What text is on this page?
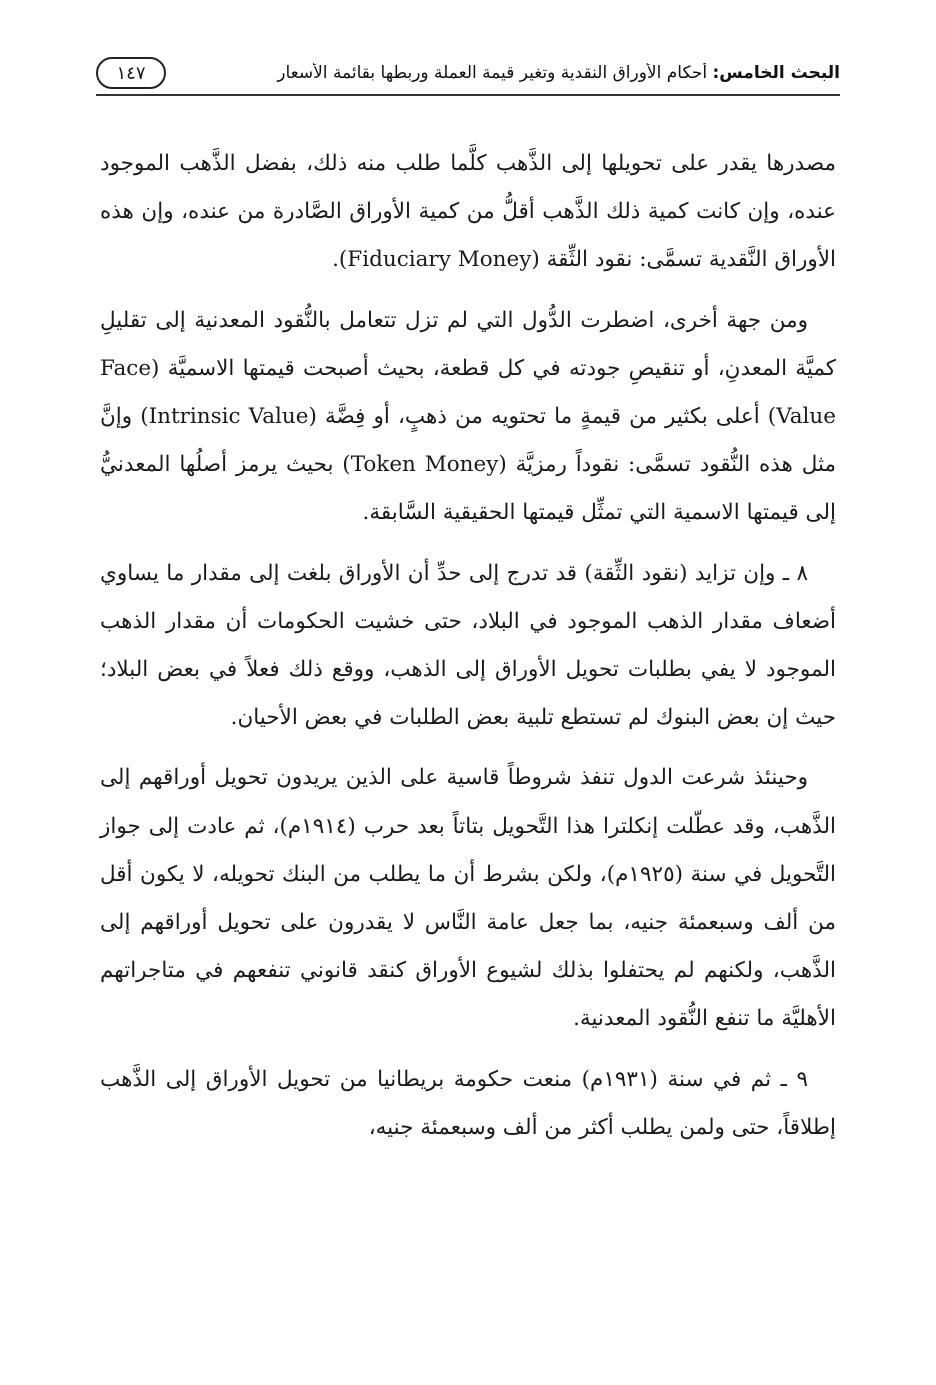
البحث الخامس: أحكام الأوراق النقدية وتغير قيمة العملة وربطها بقائمة الأسعار
١٤٧

مصدرها يقدر على تحويلها إلى الذَّهب كلَّما طلب منه ذلك، بفضل الذَّهب الموجود عنده، وإن كانت كمية ذلك الذَّهب أقلُّ من كمية الأوراق الصَّادرة من عنده، وإن هذه الأوراق النَّقدية تسمَّى: نقود الثِّقة (Fiduciary Money).

ومن جهة أخرى، اضطرت الدُّول التي لم تزل تتعامل بالنُّقود المعدنية إلى تقليلِ كميَّة المعدنِ، أو تنقيصِ جودته في كل قطعة، بحيث أصبحت قيمتها الاسميَّة (Face Value) أعلى بكثير من قيمةٍ ما تحتويه من ذهبٍ، أو فِضَّة (Intrinsic Value) وإنَّ مثل هذه النُّقود تسمَّى: نقوداً رمزيَّة (Token Money) بحيث يرمز أصلُها المعدنيُّ إلى قيمتها الاسمية التي تمثِّل قيمتها الحقيقية السَّابقة.

٨ ـ وإن تزايد (نقود الثِّقة) قد تدرج إلى حدِّ أن الأوراق بلغت إلى مقدار ما يساوي أضعاف مقدار الذهب الموجود في البلاد، حتى خشيت الحكومات أن مقدار الذهب الموجود لا يفي بطلبات تحويل الأوراق إلى الذهب، ووقع ذلك فعلاً في بعض البلاد؛ حيث إن بعض البنوك لم تستطع تلبية بعض الطلبات في بعض الأحيان.

وحينئذ شرعت الدول تنفذ شروطاً قاسية على الذين يريدون تحويل أوراقهم إلى الذَّهب، وقد عطّلت إنكلترا هذا التَّحويل بتاتاً بعد حرب (١٩١٤م)، ثم عادت إلى جواز التَّحويل في سنة (١٩٢٥م)، ولكن بشرط أن ما يطلب من البنك تحويله، لا يكون أقل من ألف وسبعمئة جنيه، بما جعل عامة النَّاس لا يقدرون على تحويل أوراقهم إلى الذَّهب، ولكنهم لم يحتفلوا بذلك لشيوع الأوراق كنقد قانوني تنفعهم في متاجراتهم الأهليَّة ما تنفع النُّقود المعدنية.

٩ ـ ثم في سنة (١٩٣١م) منعت حكومة بريطانيا من تحويل الأوراق إلى الذَّهب إطلاقاً، حتى ولمن يطلب أكثر من ألف وسبعمئة جنيه،
